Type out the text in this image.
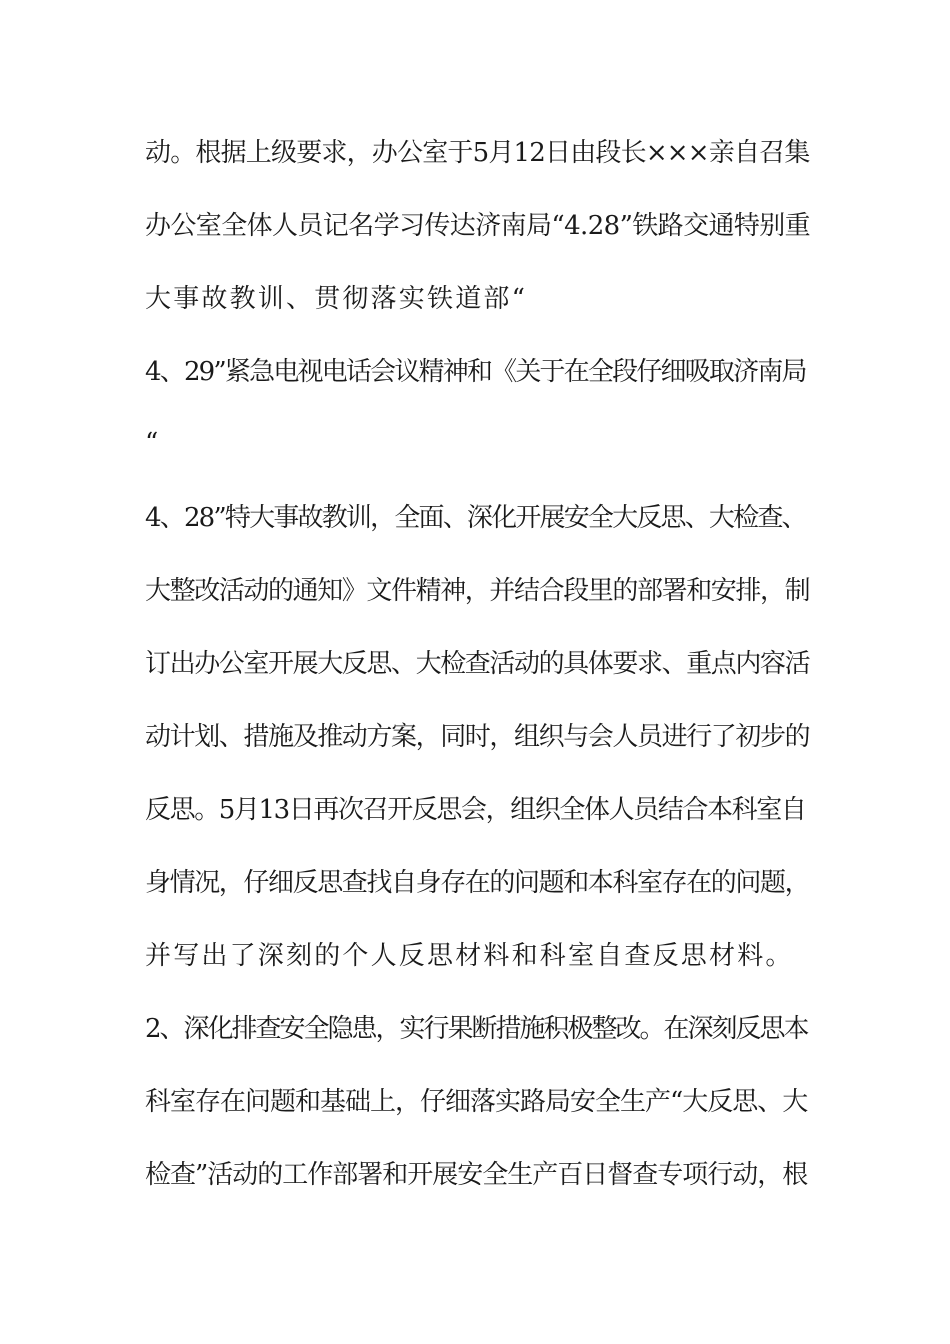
动。根据上级要求，办公室于5月12日由段长×××亲自召集
办公室全体人员记名学习传达济南局“4.28”铁路交通特别重
大事故教训、贯彻落实铁道部“
4、29”紧急电视电话会议精神和《关于在全段仔细吸取济南局
“
4、28”特大事故教训，全面、深化开展安全大反思、大检查、
大整改活动的通知》文件精神，并结合段里的部署和安排，制
订出办公室开展大反思、大检查活动的具体要求、重点内容活
动计划、措施及推动方案，同时，组织与会人员进行了初步的
反思。5月13日再次召开反思会，组织全体人员结合本科室自
身情况，仔细反思查找自身存在的问题和本科室存在的问题，
并写出了深刻的个人反思材料和科室自查反思材料。
2、深化排查安全隐患，实行果断措施积极整改。在深刻反思本
科室存在问题和基础上，仔细落实路局安全生产“大反思、大
检查”活动的工作部署和开展安全生产百日督查专项行动，根
